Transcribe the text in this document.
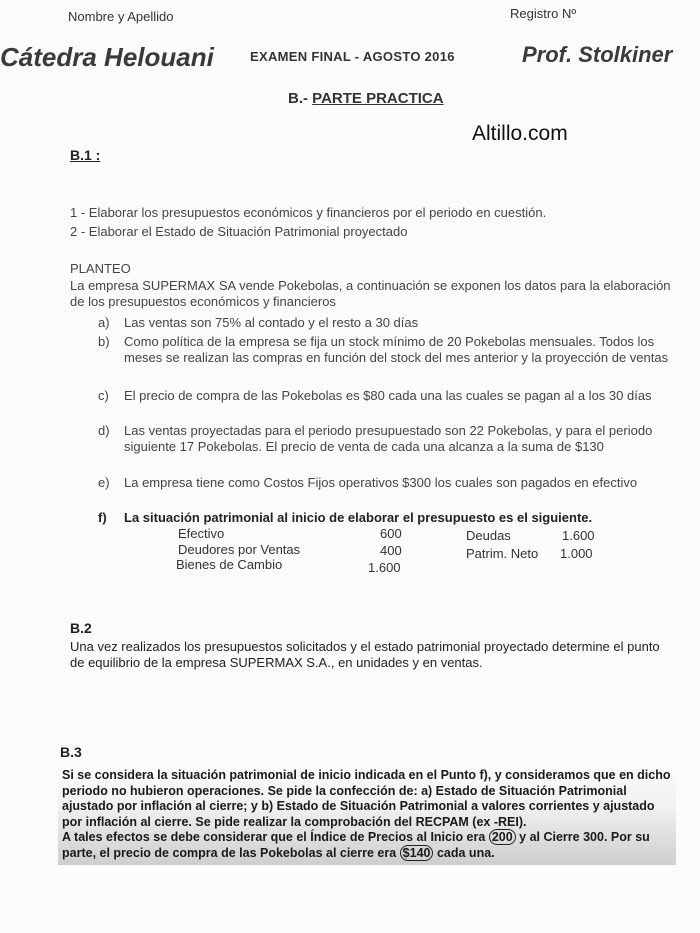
Nombre y Apellido	Registro Nº
Cátedra Helouani	EXAMEN FINAL - AGOSTO 2016	Prof. Stolkiner
B.- PARTE PRACTICA
Altillo.com
B.1 :
1 - Elaborar los presupuestos económicos y financieros por el periodo en cuestión.
2 - Elaborar el Estado de Situación Patrimonial proyectado
PLANTEO
La empresa SUPERMAX SA vende Pokebolas, a continuación se exponen los datos para la elaboración de los presupuestos económicos y financieros
a) Las ventas son 75% al contado y el resto a 30 días
b) Como política de la empresa se fija un stock mínimo de 20 Pokebolas mensuales. Todos los meses se realizan las compras en función del stock del mes anterior y la proyección de ventas
c) El precio de compra de las Pokebolas es $80 cada una las cuales se pagan al a los 30 días
d) Las ventas proyectadas para el periodo presupuestado son 22 Pokebolas, y para el periodo siguiente 17 Pokebolas. El precio de venta de cada una alcanza a la suma de $130
e) La empresa tiene como Costos Fijos operativos $300 los cuales son pagados en efectivo
f) La situación patrimonial al inicio de elaborar el presupuesto es el siguiente.
Efectivo	600	Deudas	1.600
Deudores por Ventas	400	Patrim. Neto 1.000
Bienes de Cambio	1.600
B.2
Una vez realizados los presupuestos solicitados y el estado patrimonial proyectado determine el punto de equilibrio de la empresa SUPERMAX S.A., en unidades y en ventas.
B.3
Si se considera la situación patrimonial de inicio indicada en el Punto f), y consideramos que en dicho periodo no hubieron operaciones. Se pide la confección de: a) Estado de Situación Patrimonial ajustado por inflación al cierre; y b) Estado de Situación Patrimonial a valores corrientes y ajustado por inflación al cierre. Se pide realizar la comprobación del RECPAM (ex -REI).
A tales efectos se debe considerar que el Índice de Precios al Inicio era 200 y al Cierre 300. Por su parte, el precio de compra de las Pokebolas al cierre era $140 cada una.
